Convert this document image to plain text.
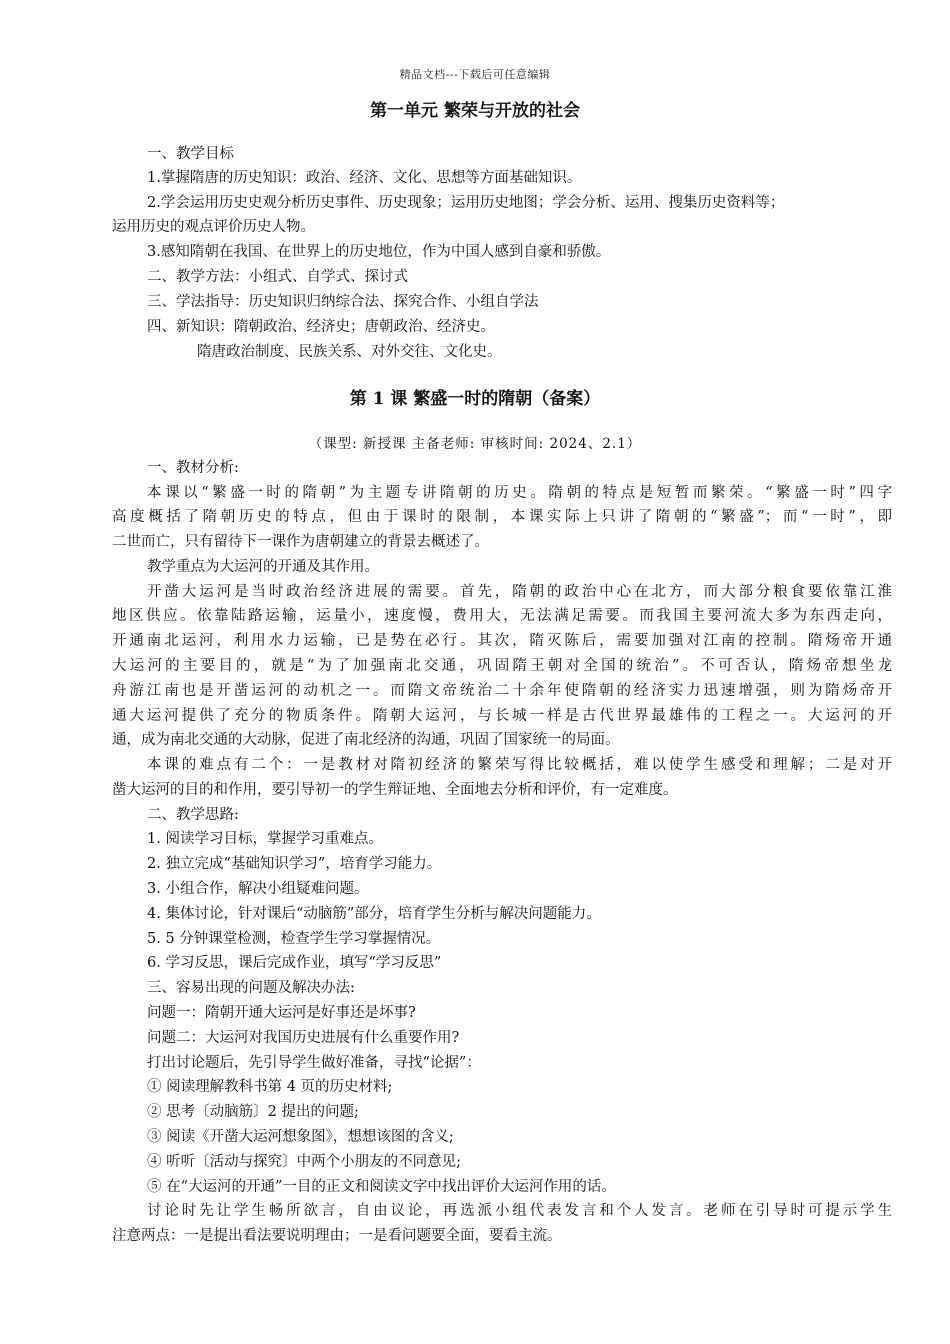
精品文档---下载后可任意编辑
第一单元 繁荣与开放的社会
一、教学目标
1.掌握隋唐的历史知识：政治、经济、文化、思想等方面基础知识。
2.学会运用历史史观分析历史事件、历史现象；运用历史地图；学会分析、运用、搜集历史资料等；
运用历史的观点评价历史人物。
3.感知隋朝在我国、在世界上的历史地位，作为中国人感到自豪和骄傲。
二、教学方法：小组式、自学式、探讨式
三、学法指导：历史知识归纳综合法、探究合作、小组自学法
四、新知识：隋朝政治、经济史；唐朝政治、经济史。
隋唐政治制度、民族关系、对外交往、文化史。
第 1 课 繁盛一时的隋朝（备案）
（课型: 新授课 主备老师: 审核时间: 2024、2.1）
一、教材分析:
本课以“繁盛一时的隋朝”为主题专讲隋朝的历史。隋朝的特点是短暂而繁荣。“繁盛一时”四字
高度概括了隋朝历史的特点，但由于课时的限制，本课实际上只讲了隋朝的“繁盛”；而“一时”，即
二世而亡，只有留待下一课作为唐朝建立的背景去概述了。
教学重点为大运河的开通及其作用。
开凿大运河是当时政治经济进展的需要。首先，隋朝的政治中心在北方，而大部分粮食要依靠江淮
地区供应。依靠陆路运输，运量小，速度慢，费用大，无法满足需要。而我国主要河流大多为东西走向，
开通南北运河，利用水力运输，已是势在必行。其次，隋灭陈后，需要加强对江南的控制。隋炀帝开通
大运河的主要目的，就是“为了加强南北交通，巩固隋王朝对全国的统治”。不可否认，隋炀帝想坐龙
舟游江南也是开凿运河的动机之一。而隋文帝统治二十余年使隋朝的经济实力迅速增强，则为隋炀帝开
通大运河提供了充分的物质条件。隋朝大运河，与长城一样是古代世界最雄伟的工程之一。大运河的开
通，成为南北交通的大动脉，促进了南北经济的沟通，巩固了国家统一的局面。
本课的难点有二个：一是教材对隋初经济的繁荣写得比较概括，难以使学生感受和理解；二是对开
凿大运河的目的和作用，要引导初一的学生辩证地、全面地去分析和评价，有一定难度。
二、教学思路:
1. 阅读学习目标，掌握学习重难点。
2. 独立完成“基础知识学习”，培育学习能力。
3. 小组合作，解决小组疑难问题。
4. 集体讨论，针对课后“动脑筋”部分，培育学生分析与解决问题能力。
5. 5 分钟课堂检测，检查学生学习掌握情况。
6. 学习反思，课后完成作业，填写“学习反思”
三、容易出现的问题及解决办法:
问题一：隋朝开通大运河是好事还是坏事?
问题二：大运河对我国历史进展有什么重要作用?
打出讨论题后，先引导学生做好准备，寻找“论据”：
① 阅读理解教科书第 4 页的历史材料;
② 思考〔动脑筋〕2 提出的问题;
③ 阅读《开凿大运河想象图》，想想该图的含义;
④ 听听〔活动与探究〕中两个小朋友的不同意见;
⑤ 在“大运河的开通”一目的正文和阅读文字中找出评价大运河作用的话。
讨论时先让学生畅所欲言，自由议论，再选派小组代表发言和个人发言。老师在引导时可提示学生
注意两点：一是提出看法要说明理由；一是看问题要全面，要看主流。
